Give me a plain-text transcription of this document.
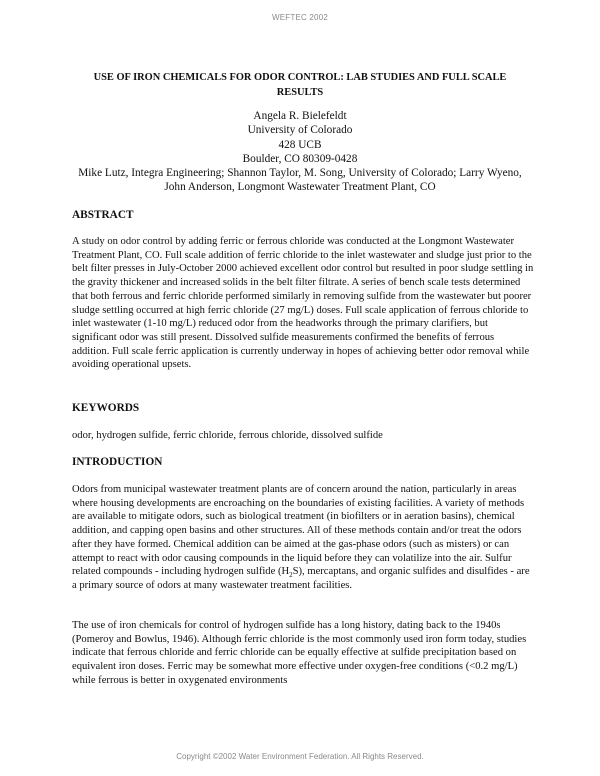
WEFTEC 2002
USE OF IRON CHEMICALS FOR ODOR CONTROL: LAB STUDIES AND FULL SCALE RESULTS
Angela R. Bielefeldt
University of Colorado
428 UCB
Boulder, CO 80309-0428
Mike Lutz, Integra Engineering; Shannon Taylor, M. Song, University of Colorado; Larry Wyeno, John Anderson, Longmont Wastewater Treatment Plant, CO
ABSTRACT

A study on odor control by adding ferric or ferrous chloride was conducted at the Longmont Wastewater Treatment Plant, CO. Full scale addition of ferric chloride to the inlet wastewater and sludge just prior to the belt filter presses in July-October 2000 achieved excellent odor control but resulted in poor sludge settling in the gravity thickener and increased solids in the belt filter filtrate. A series of bench scale tests determined that both ferrous and ferric chloride performed similarly in removing sulfide from the wastewater but poorer sludge settling occurred at high ferric chloride (27 mg/L) doses. Full scale application of ferrous chloride to inlet wastewater (1-10 mg/L) reduced odor from the headworks through the primary clarifiers, but significant odor was still present. Dissolved sulfide measurements confirmed the benefits of ferrous addition. Full scale ferric application is currently underway in hopes of achieving better odor removal while avoiding operational upsets.

KEYWORDS

odor, hydrogen sulfide, ferric chloride, ferrous chloride, dissolved sulfide

INTRODUCTION

Odors from municipal wastewater treatment plants are of concern around the nation, particularly in areas where housing developments are encroaching on the boundaries of existing facilities. A variety of methods are available to mitigate odors, such as biological treatment (in biofilters or in aeration basins), chemical addition, and capping open basins and other structures. All of these methods contain and/or treat the odors after they have formed. Chemical addition can be aimed at the gas-phase odors (such as misters) or can attempt to react with odor causing compounds in the liquid before they can volatilize into the air. Sulfur related compounds - including hydrogen sulfide $(H_2S)$, mercaptans, and organic sulfides and disulfides - are a primary source of odors at many wastewater treatment facilities.

The use of iron chemicals for control of hydrogen sulfide has a long history, dating back to the 1940s (Pomeroy and Bowlus, 1946). Although ferric chloride is the most commonly used iron form today, studies indicate that ferrous chloride and ferric chloride can be equally effective at sulfide precipitation based on equivalent iron doses. Ferric may be somewhat more effective under oxygen-free conditions (<0.2 mg/L) while ferrous is better in oxygenated environments

Copyright ©2002 Water Environment Federation. All Rights Reserved.
